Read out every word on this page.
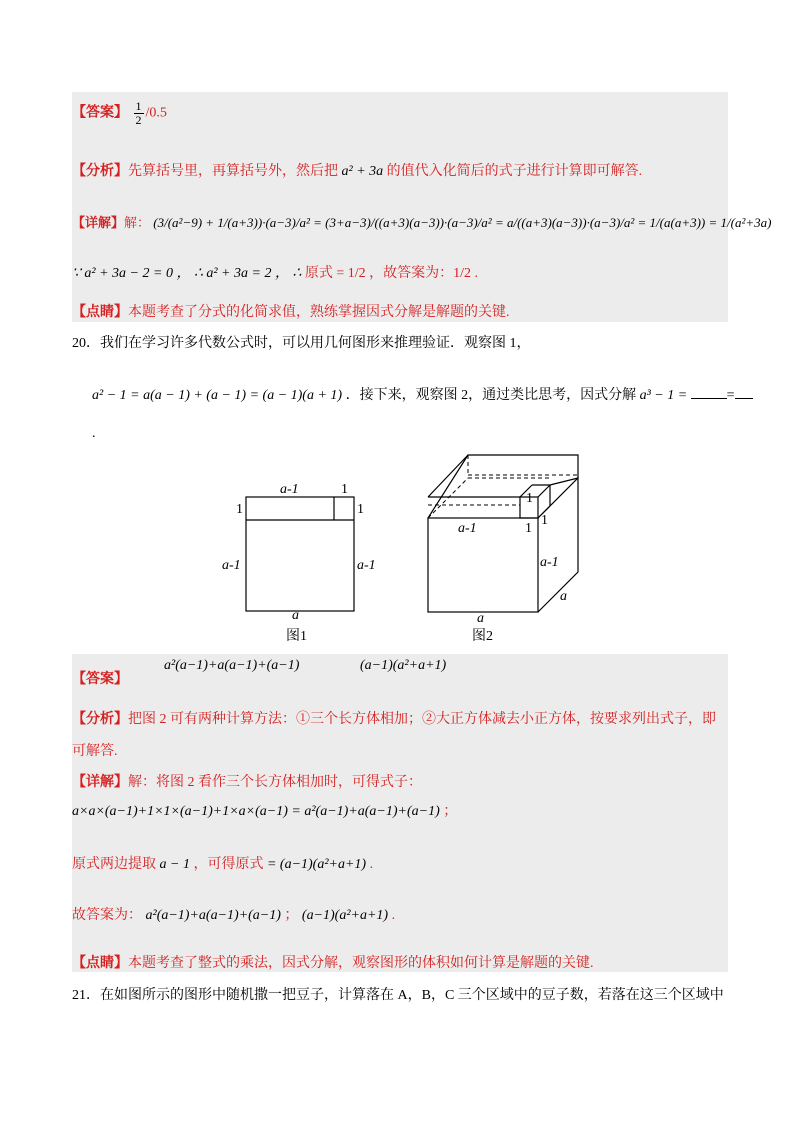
【答案】 $\frac{1}{2} /0.5$
【分析】先算括号里，再算括号外，然后把 a² + 3a 的值代入化简后的式子进行计算即可解答.
【详解】解： (3/(a²−9) + 1/(a+3))·(a−3)/a² = (3+a−3)/((a+3)(a−3))·(a−3)/a² = a/((a+3)(a−3))·(a−3)/a² = 1/(a(a+3)) = 1/(a²+3a)
∵ a² + 3a − 2 = 0 ， ∴ a² + 3a = 2 ， ∴ 原式 = 1/2 ，故答案为：1/2 .
【点睛】本题考查了分式的化简求值，熟练掌握因式分解是解题的关键.
20．我们在学习许多代数公式时，可以用几何图形来推理验证．观察图 1，
a² − 1 = a(a − 1) + (a − 1) = (a − 1)(a + 1) ．接下来，观察图 2，通过类比思考，因式分解 a³ − 1 =	=
.
a-1	1
1	1
a-1	a-1
a
图1
1
1
a-1	1
a-1
a
a
图2
【答案】
a²(a−1)+a(a−1)+(a−1)	(a−1)(a²+a+1)
【分析】把图 2 可有两种计算方法：①三个长方体相加；②大正方体减去小正方体，按要求列出式子，即
可解答.
【详解】解：将图 2 看作三个长方体相加时，可得式子：
a×a×(a−1)+1×1×(a−1)+1×a×(a−1) = a²(a−1)+a(a−1)+(a−1) ；
原式两边提取 a − 1 ，可得原式 = (a−1)(a²+a+1) .
故答案为： a²(a−1)+a(a−1)+(a−1) ； (a−1)(a²+a+1) .
【点睛】本题考查了整式的乘法，因式分解，观察图形的体积如何计算是解题的关键.
21．在如图所示的图形中随机撒一把豆子，计算落在 A，B，C 三个区域中的豆子数，若落在这三个区域中
